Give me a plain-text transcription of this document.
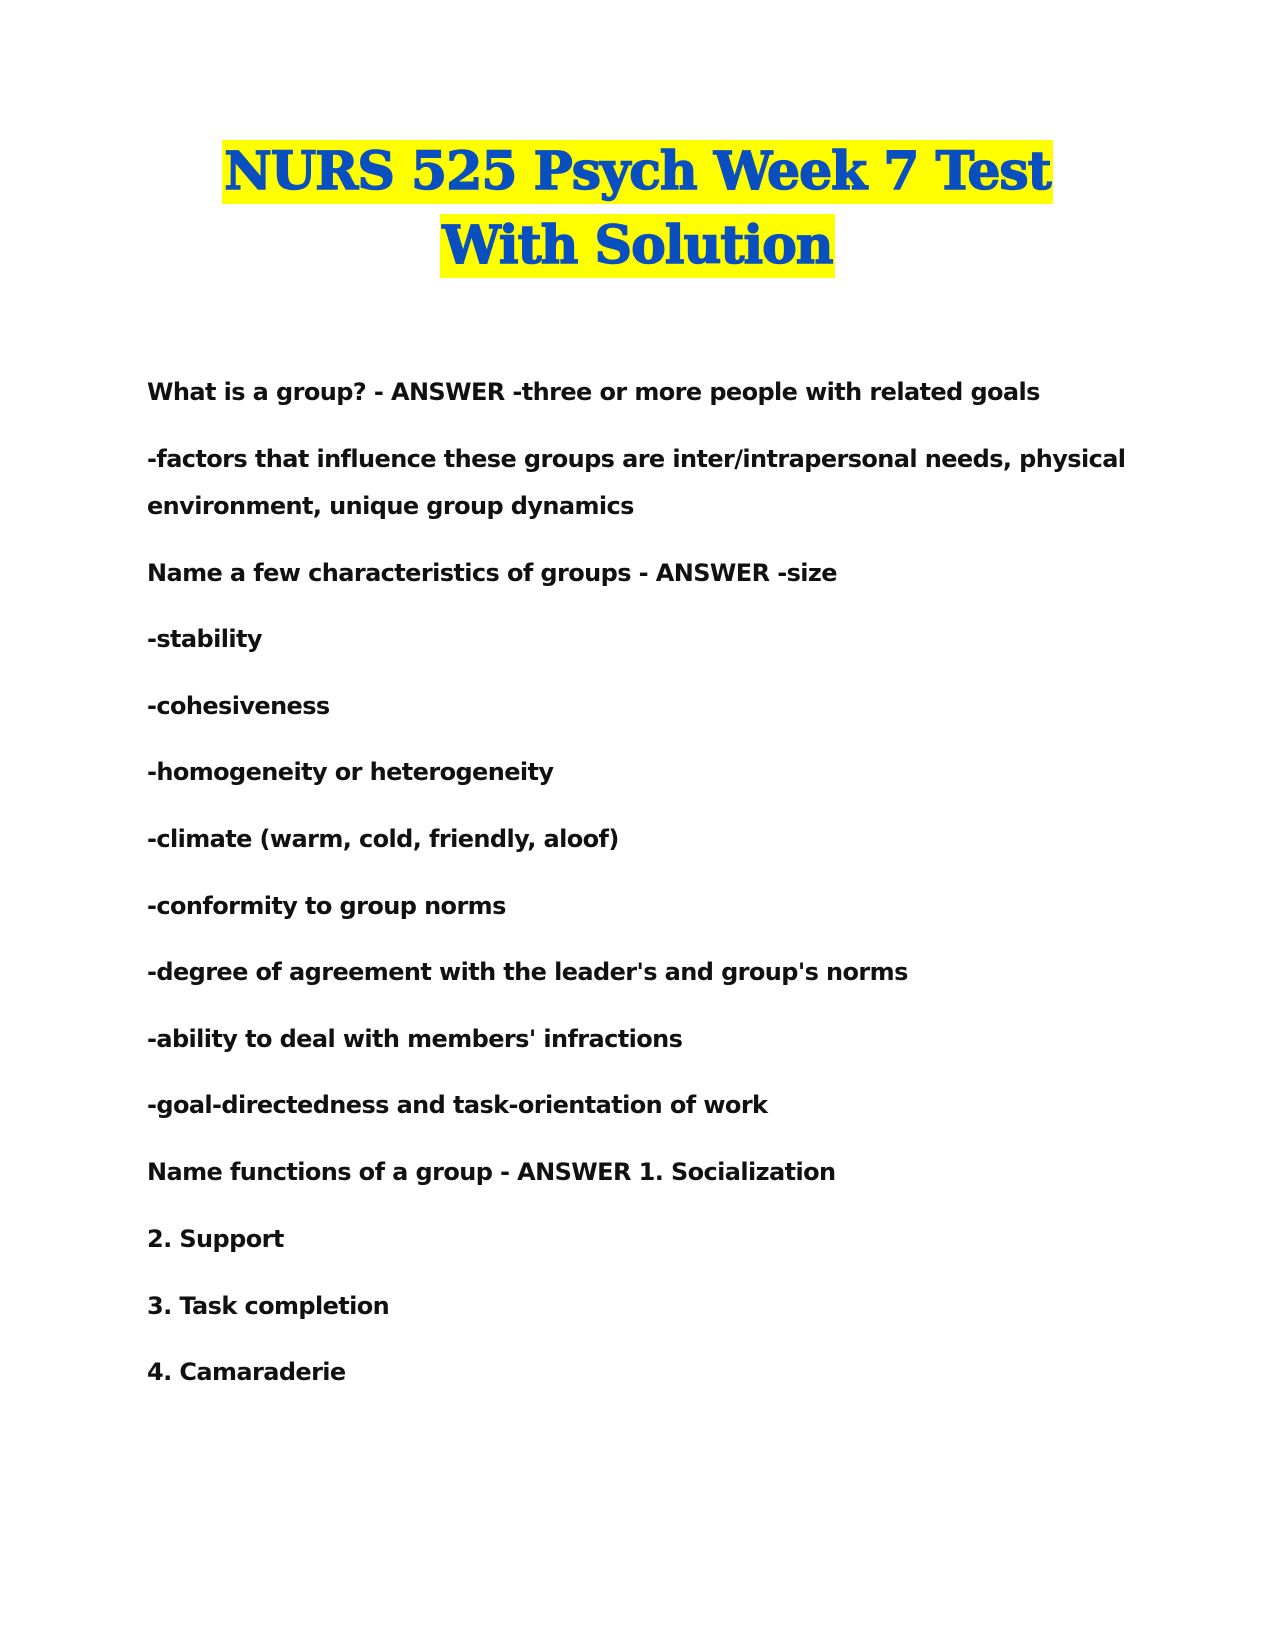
NURS 525 Psych Week 7 Test
With Solution
What is a group? - ANSWER -three or more people with related goals
-factors that influence these groups are inter/intrapersonal needs, physical
environment, unique group dynamics
Name a few characteristics of groups - ANSWER -size
-stability
-cohesiveness
-homogeneity or heterogeneity
-climate (warm, cold, friendly, aloof)
-conformity to group norms
-degree of agreement with the leader's and group's norms
-ability to deal with members' infractions
-goal-directedness and task-orientation of work
Name functions of a group - ANSWER 1. Socialization
2. Support
3. Task completion
4. Camaraderie
